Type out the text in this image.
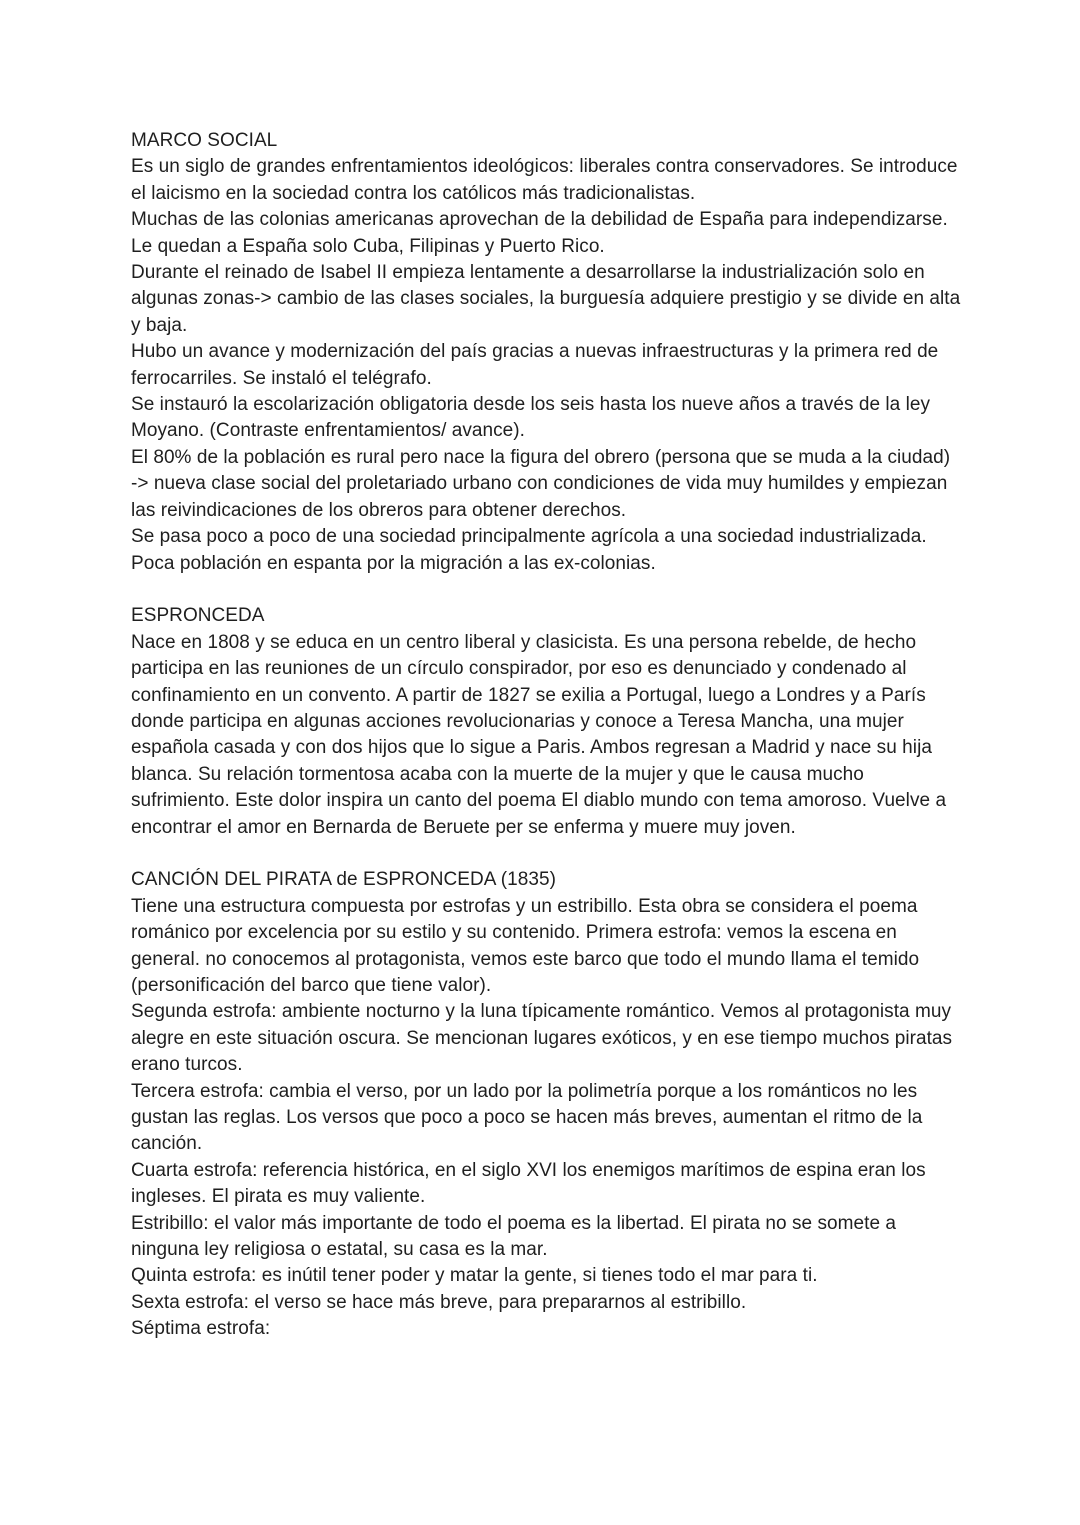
MARCO SOCIAL

Es un siglo de grandes enfrentamientos ideológicos: liberales contra conservadores. Se introduce el laicismo en la sociedad contra los católicos más tradicionalistas.

Muchas de las colonias americanas aprovechan de la debilidad de España para independizarse. Le quedan a España solo Cuba, Filipinas y Puerto Rico.

Durante el reinado de Isabel II empieza lentamente a desarrollarse la industrialización solo en algunas zonas-> cambio de las clases sociales, la burguesía adquiere prestigio y se divide en alta y baja.

Hubo un avance y modernización del país gracias a nuevas infraestructuras y la primera red de ferrocarriles. Se instaló el telégrafo.

Se instauró la escolarización obligatoria desde los seis hasta los nueve años a través de la ley Moyano. (Contraste enfrentamientos/ avance).

El 80% de la población es rural pero nace la figura del obrero (persona que se muda a la ciudad) -> nueva clase social del proletariado urbano con condiciones de vida muy humildes y empiezan las reivindicaciones de los obreros para obtener derechos.

Se pasa poco a poco de una sociedad principalmente agrícola a una sociedad industrializada.

Poca población en espanta por la migración a las ex-colonias.

ESPRONCEDA

Nace en 1808 y se educa en un centro liberal y clasicista. Es una persona rebelde, de hecho participa en las reuniones de un círculo conspirador, por eso es denunciado y condenado al confinamiento en un convento. A partir de 1827 se exilia a Portugal, luego a Londres y a París donde participa en algunas acciones revolucionarias y conoce a Teresa Mancha, una mujer española casada y con dos hijos que lo sigue a Paris. Ambos regresan a Madrid y nace su hija blanca. Su relación tormentosa acaba con la muerte de la mujer y que le causa mucho sufrimiento. Este dolor inspira un canto del poema El diablo mundo con tema amoroso. Vuelve a encontrar el amor en Bernarda de Beruete per se enferma y muere muy joven.

CANCIÓN DEL PIRATA de ESPRONCEDA (1835)

Tiene una estructura compuesta por estrofas y un estribillo. Esta obra se considera el poema románico por excelencia por su estilo y su contenido. Primera estrofa: vemos la escena en general. no conocemos al protagonista, vemos este barco que todo el mundo llama el temido (personificación del barco que tiene valor).

Segunda estrofa: ambiente nocturno y la luna típicamente romántico. Vemos al protagonista muy alegre en este situación oscura. Se mencionan lugares exóticos, y en ese tiempo muchos piratas erano turcos.

Tercera estrofa: cambia el verso, por un lado por la polimetría porque a los románticos no les gustan las reglas. Los versos que poco a poco se hacen más breves, aumentan el ritmo de la canción.

Cuarta estrofa: referencia histórica, en el siglo XVI los enemigos marítimos de espina eran los ingleses. El pirata es muy valiente.

Estribillo: el valor más importante de todo el poema es la libertad. El pirata no se somete a ninguna ley religiosa o estatal, su casa es la mar.

Quinta estrofa: es inútil tener poder y matar la gente, si tienes todo el mar para ti.

Sexta estrofa: el verso se hace más breve, para prepararnos al estribillo.

Séptima estrofa:
